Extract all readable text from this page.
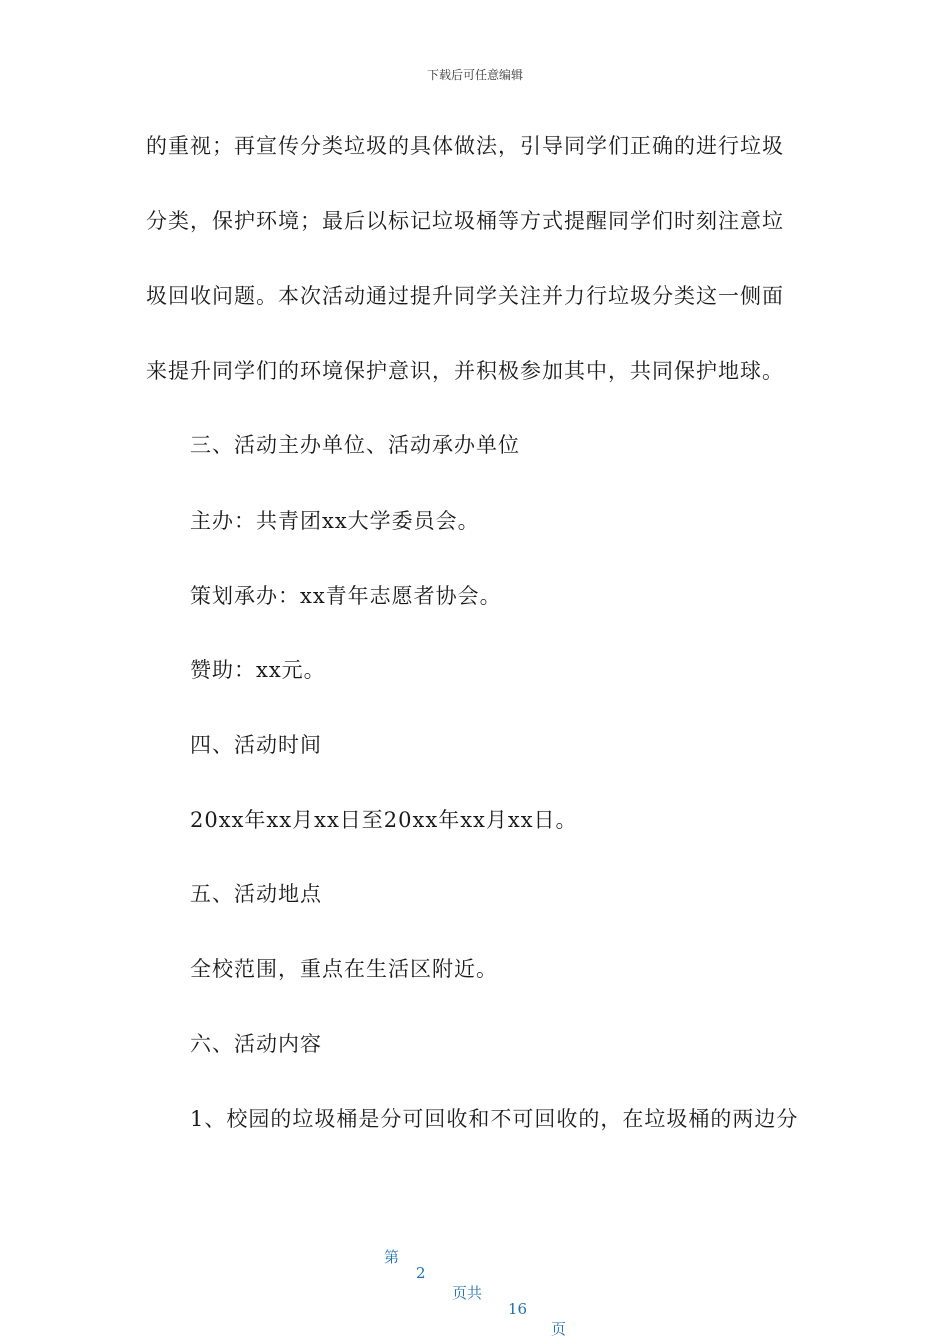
下载后可任意编辑
的重视；再宣传分类垃圾的具体做法，引导同学们正确的进行垃圾
分类，保护环境；最后以标记垃圾桶等方式提醒同学们时刻注意垃
圾回收问题。本次活动通过提升同学关注并力行垃圾分类这一侧面
来提升同学们的环境保护意识，并积极参加其中，共同保护地球。
三、活动主办单位、活动承办单位
主办：共青团xx大学委员会。
策划承办：xx青年志愿者协会。
赞助：xx元。
四、活动时间
20xx年xx月xx日至20xx年xx月xx日。
五、活动地点
全校范围，重点在生活区附近。
六、活动内容
1、校园的垃圾桶是分可回收和不可回收的，在垃圾桶的两边分

第

2

页共

16

页
